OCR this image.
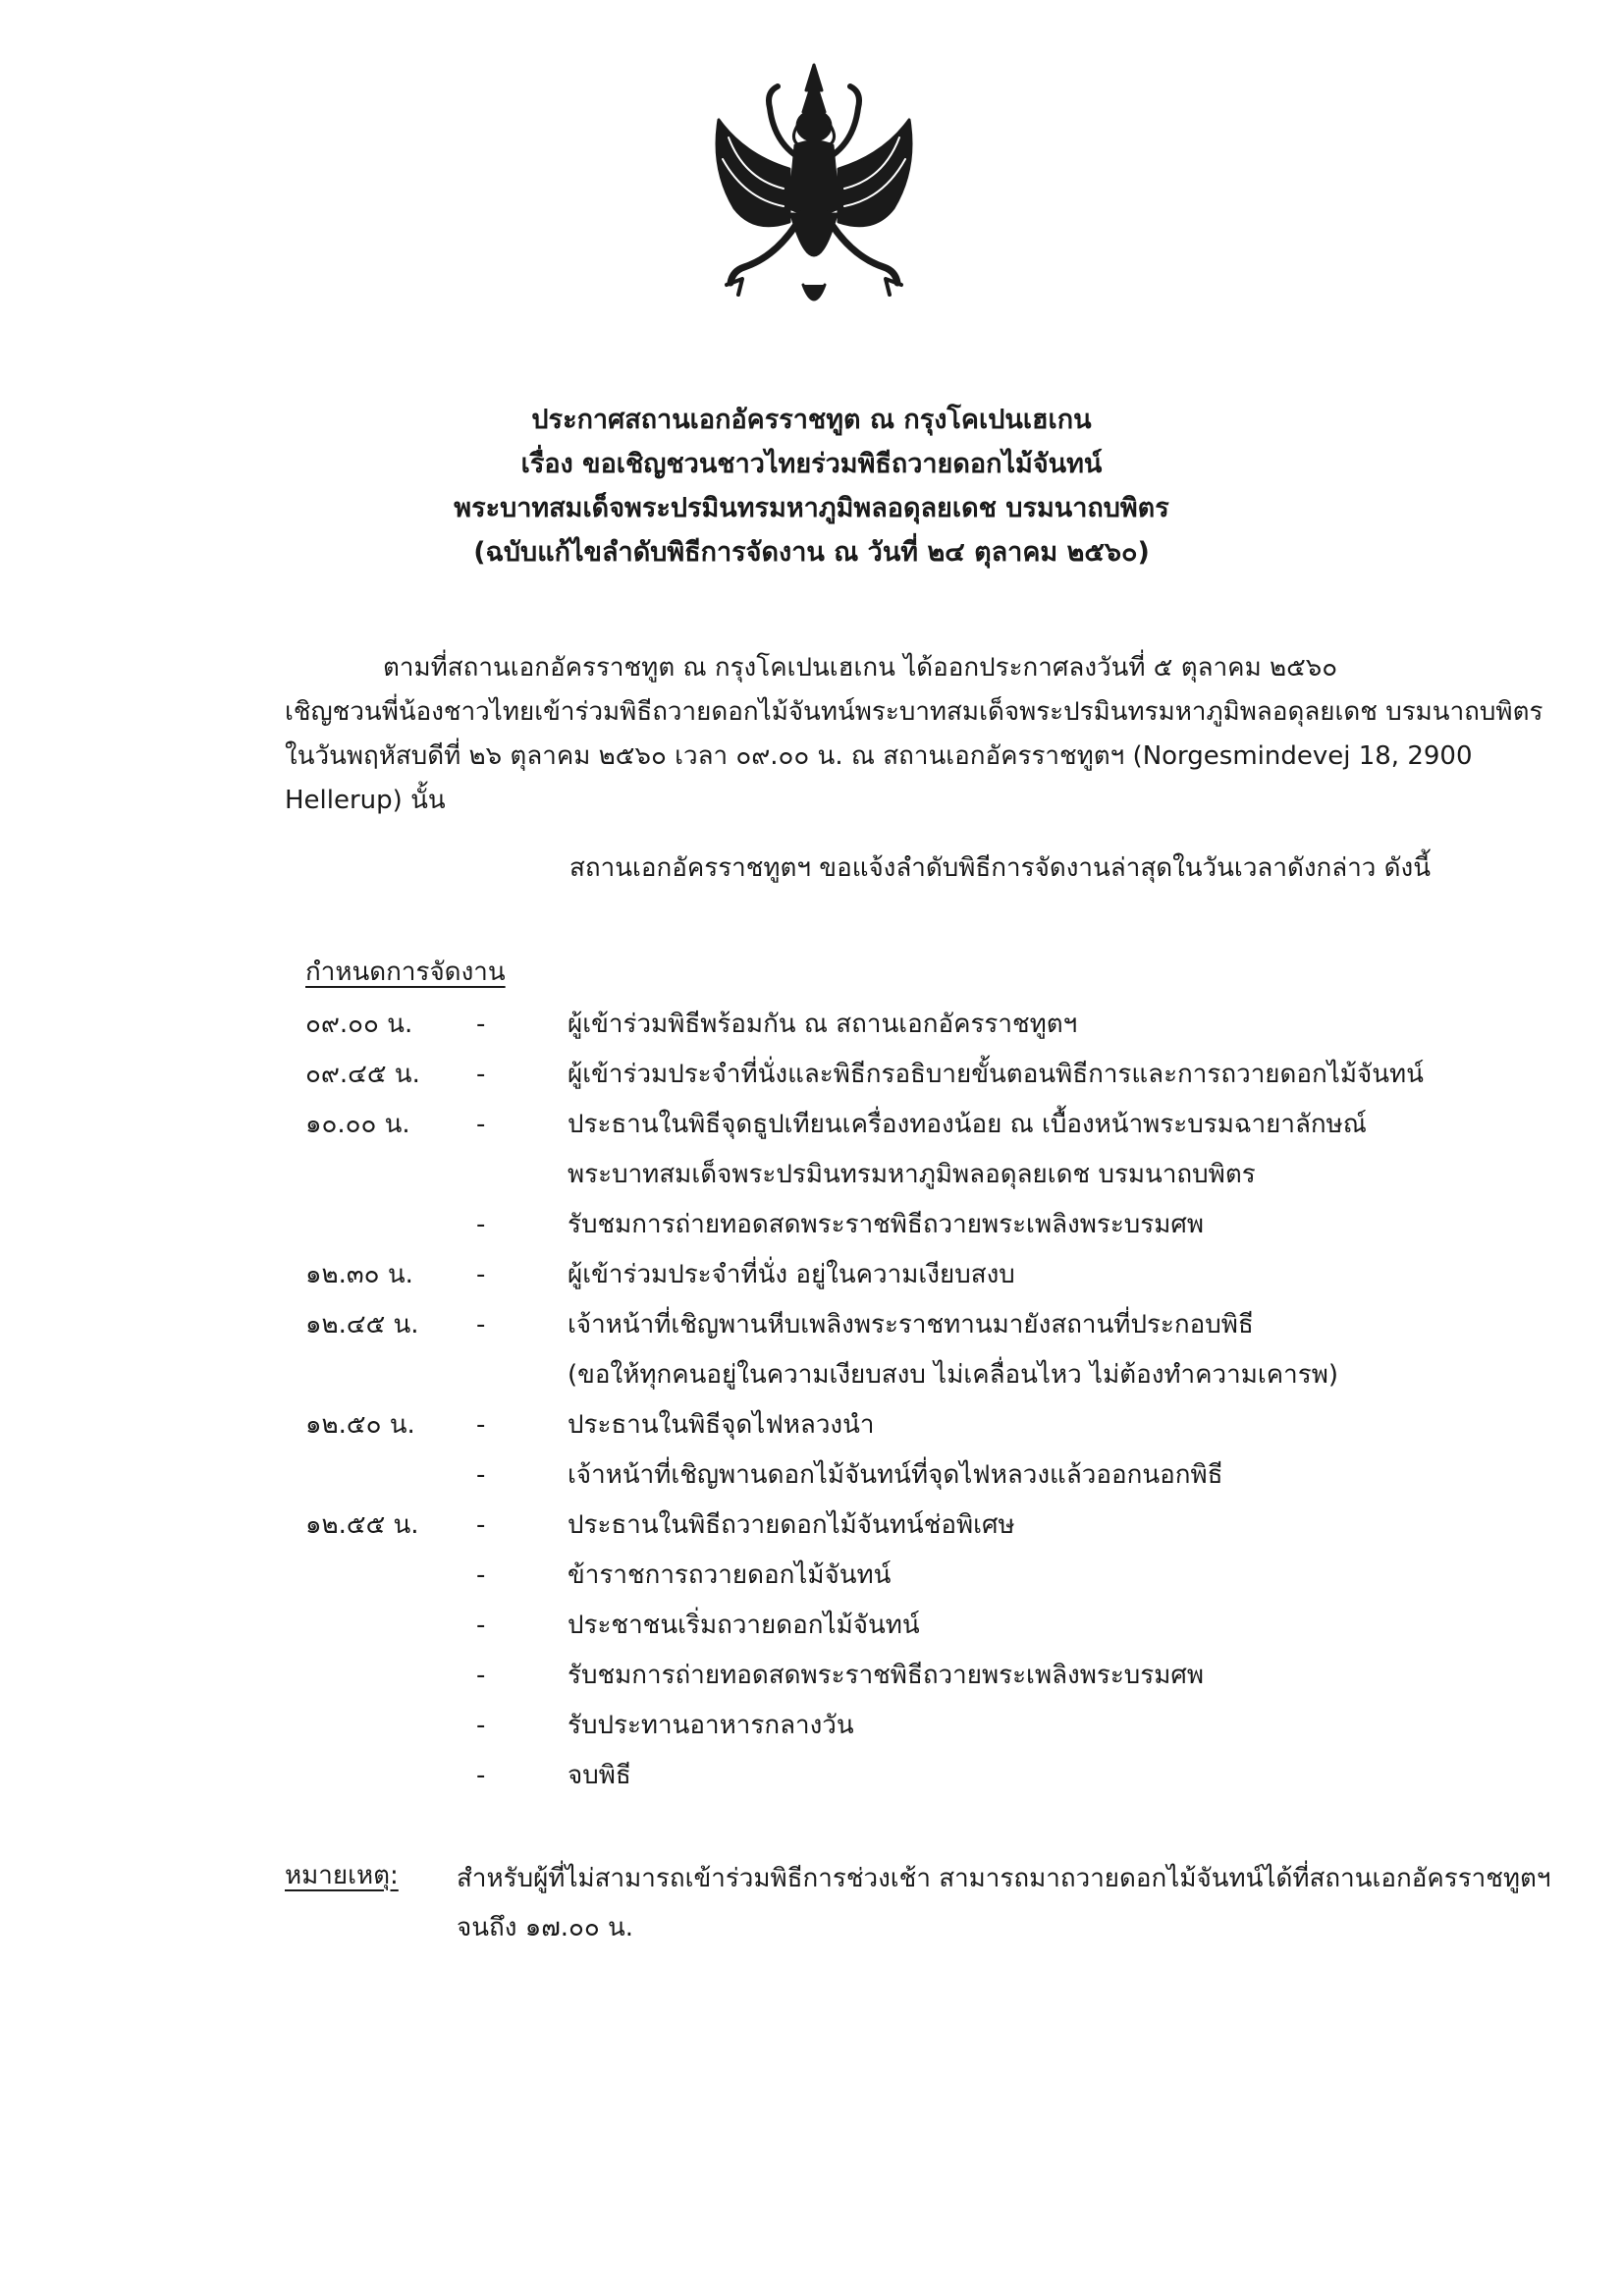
ประกาศสถานเอกอัครราชทูต ณ กรุงโคเปนเฮเกน
เรื่อง ขอเชิญชวนชาวไทยร่วมพิธีถวายดอกไม้จันทน์
พระบาทสมเด็จพระปรมินทรมหาภูมิพลอดุลยเดช บรมนาถบพิตร
(ฉบับแก้ไขลำดับพิธีการจัดงาน ณ วันที่ ๒๔ ตุลาคม ๒๕๖๐)
ตามที่สถานเอกอัครราชทูต ณ กรุงโคเปนเฮเกน ได้ออกประกาศลงวันที่ ๕ ตุลาคม ๒๕๖๐
เชิญชวนพี่น้องชาวไทยเข้าร่วมพิธีถวายดอกไม้จันทน์พระบาทสมเด็จพระปรมินทรมหาภูมิพลอดุลยเดช บรมนาถบพิตร
ในวันพฤหัสบดีที่ ๒๖ ตุลาคม ๒๕๖๐ เวลา ๐๙.๐๐ น. ณ สถานเอกอัครราชทูตฯ (Norgesmindevej 18, 2900
Hellerup) นั้น
สถานเอกอัครราชทูตฯ ขอแจ้งลำดับพิธีการจัดงานล่าสุดในวันเวลาดังกล่าว ดังนี้
กำหนดการจัดงาน
๐๙.๐๐ น. -	ผู้เข้าร่วมพิธีพร้อมกัน ณ สถานเอกอัครราชทูตฯ
๐๙.๔๕ น. -	ผู้เข้าร่วมประจำที่นั่งและพิธีกรอธิบายขั้นตอนพิธีการและการถวายดอกไม้จันทน์
๑๐.๐๐ น.	-	ประธานในพิธีจุดธูปเทียนเครื่องทองน้อย ณ เบื้องหน้าพระบรมฉายาลักษณ์
พระบาทสมเด็จพระปรมินทรมหาภูมิพลอดุลยเดช บรมนาถบพิตร
-	รับชมการถ่ายทอดสดพระราชพิธีถวายพระเพลิงพระบรมศพ
๑๒.๓๐ น. -	ผู้เข้าร่วมประจำที่นั่ง อยู่ในความเงียบสงบ
๑๒.๔๕ น. -	เจ้าหน้าที่เชิญพานหีบเพลิงพระราชทานมายังสถานที่ประกอบพิธี
(ขอให้ทุกคนอยู่ในความเงียบสงบ ไม่เคลื่อนไหว ไม่ต้องทำความเคารพ)
๑๒.๕๐ น. -	ประธานในพิธีจุดไฟหลวงนำ
-	เจ้าหน้าที่เชิญพานดอกไม้จันทน์ที่จุดไฟหลวงแล้วออกนอกพิธี
๑๒.๕๕ น. -	ประธานในพิธีถวายดอกไม้จันทน์ช่อพิเศษ
-	ข้าราชการถวายดอกไม้จันทน์
-	ประชาชนเริ่มถวายดอกไม้จันทน์
-	รับชมการถ่ายทอดสดพระราชพิธีถวายพระเพลิงพระบรมศพ
-	รับประทานอาหารกลางวัน
-	จบพิธี
หมายเหตุ: สำหรับผู้ที่ไม่สามารถเข้าร่วมพิธีการช่วงเช้า สามารถมาถวายดอกไม้จันทน์ได้ที่สถานเอกอัครราชทูตฯ
จนถึง ๑๗.๐๐ น.
